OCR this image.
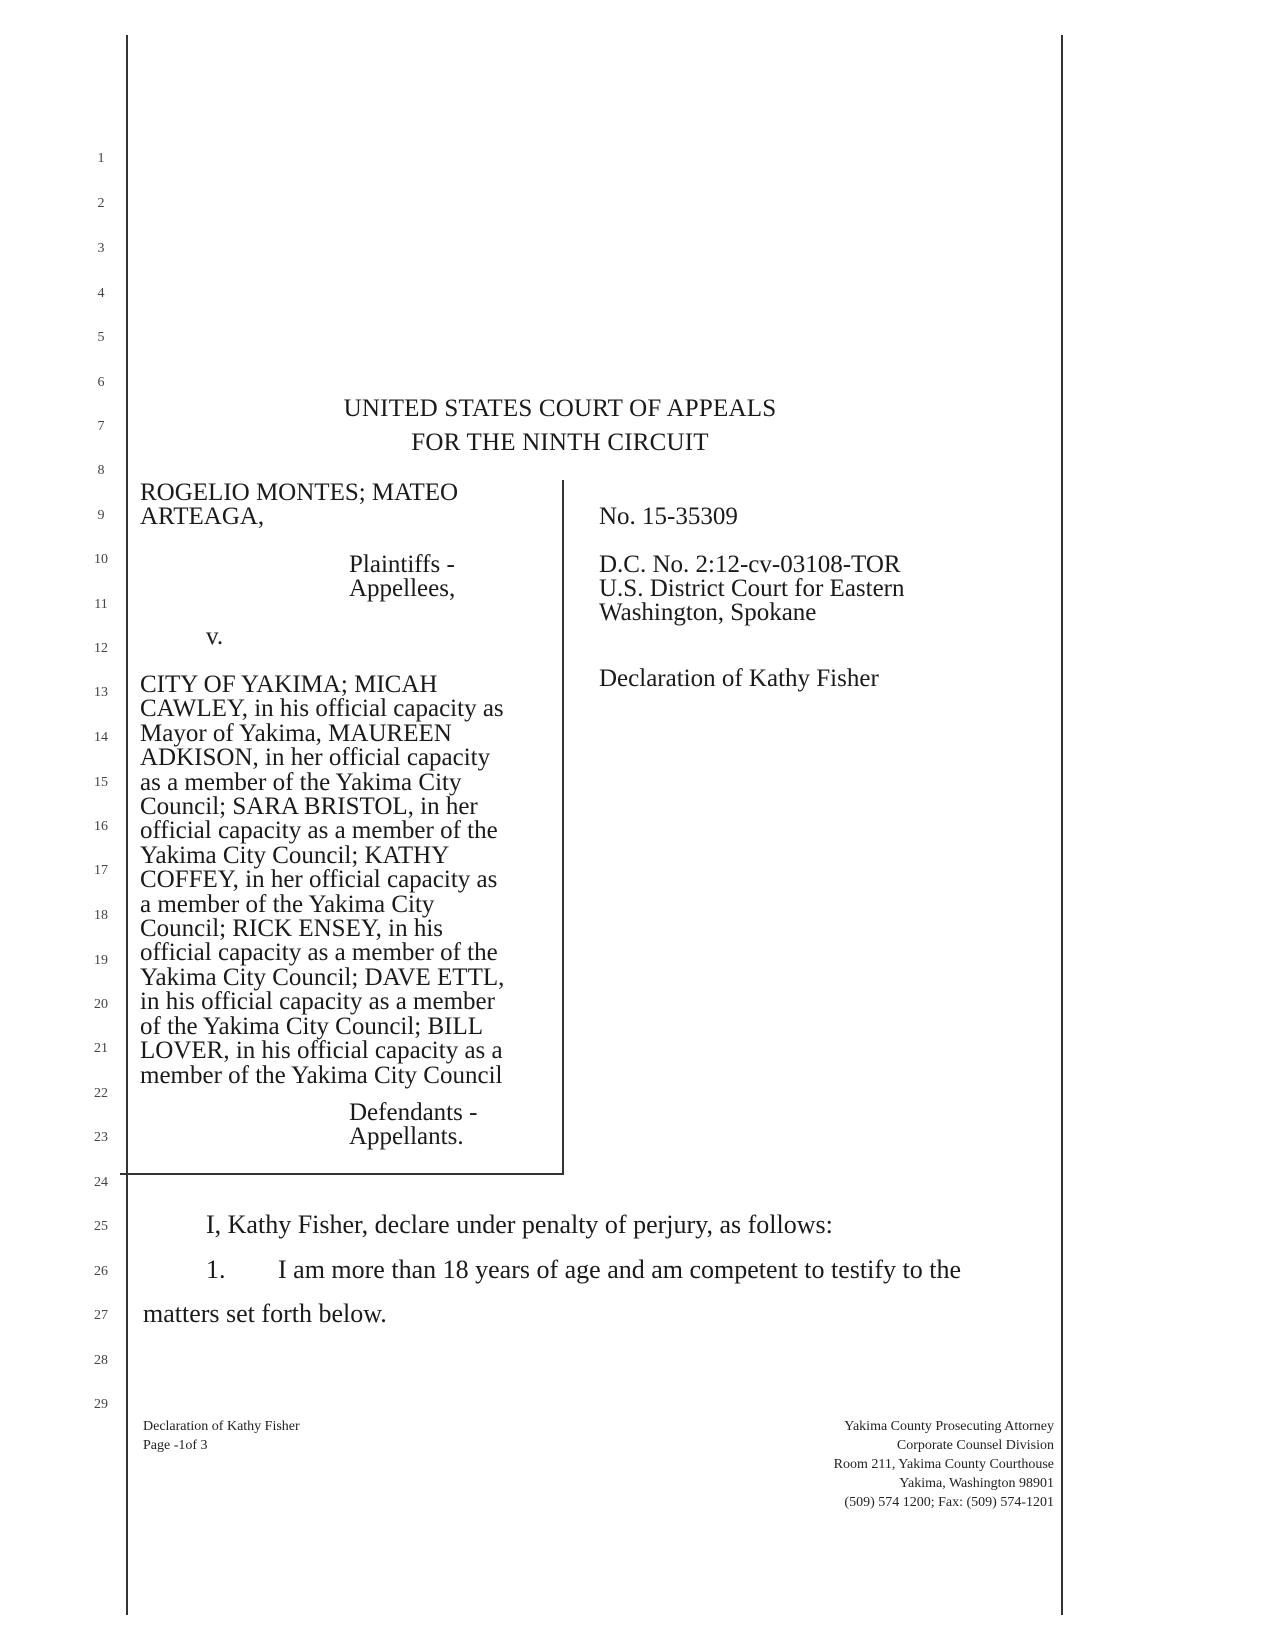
1
2
3
4
5
6
7
8
9
10
11
12
13
14
15
16
17
18
19
20
21
22
23
24
25
26
27
28
29
UNITED STATES COURT OF APPEALS
FOR THE NINTH CIRCUIT
ROGELIO MONTES; MATEO
ARTEAGA,
Plaintiffs -
Appellees,
v.
CITY OF YAKIMA; MICAH
CAWLEY, in his official capacity as
Mayor of Yakima, MAUREEN
ADKISON, in her official capacity
as a member of the Yakima City
Council; SARA BRISTOL, in her
official capacity as a member of the
Yakima City Council; KATHY
COFFEY, in her official capacity as
a member of the Yakima City
Council; RICK ENSEY, in his
official capacity as a member of the
Yakima City Council; DAVE ETTL,
in his official capacity as a member
of the Yakima City Council; BILL
LOVER, in his official capacity as a
member of the Yakima City Council
Defendants -
Appellants.
No. 15-35309
D.C. No. 2:12-cv-03108-TOR
U.S. District Court for Eastern
Washington, Spokane
Declaration of Kathy Fisher
I, Kathy Fisher, declare under penalty of perjury, as follows:
1. I am more than 18 years of age and am competent to testify to the
matters set forth below.
Declaration of Kathy Fisher
Page -1of 3
Yakima County Prosecuting Attorney
Corporate Counsel Division
Room 211, Yakima County Courthouse
Yakima, Washington 98901
(509) 574 1200; Fax: (509) 574-1201
